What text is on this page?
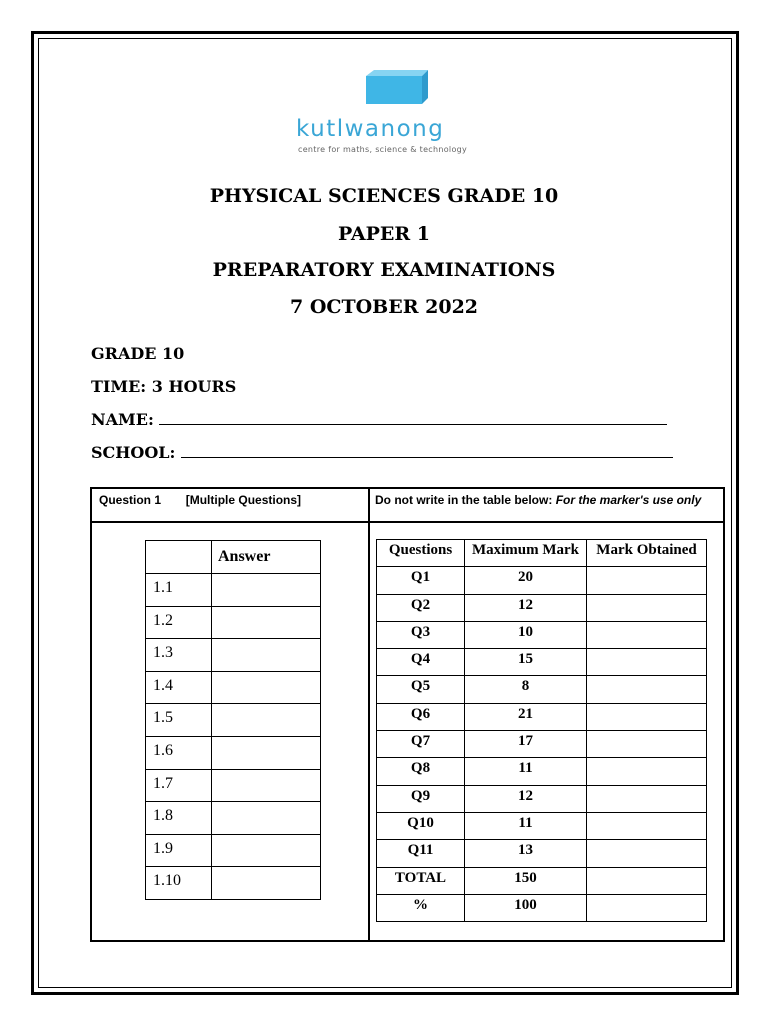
kutlwanong
centre for maths, science & technology
PHYSICAL SCIENCES GRADE 10
PAPER 1
PREPARATORY EXAMINATIONS
7 OCTOBER 2022
GRADE 10
TIME: 3 HOURS
NAME:
SCHOOL:
Question 1 [Multiple Questions]	Do not write in the table below: For the marker's use only
	Answer
1.1	
1.2	
1.3	
1.4	
1.5	
1.6	
1.7	
1.8	
1.9	
1.10	
Questions	Maximum Mark	Mark Obtained
Q1	20	
Q2	12	
Q3	10	
Q4	15	
Q5	8	
Q6	21	
Q7	17	
Q8	11	
Q9	12	
Q10	11	
Q11	13	
TOTAL	150	
%	100	
